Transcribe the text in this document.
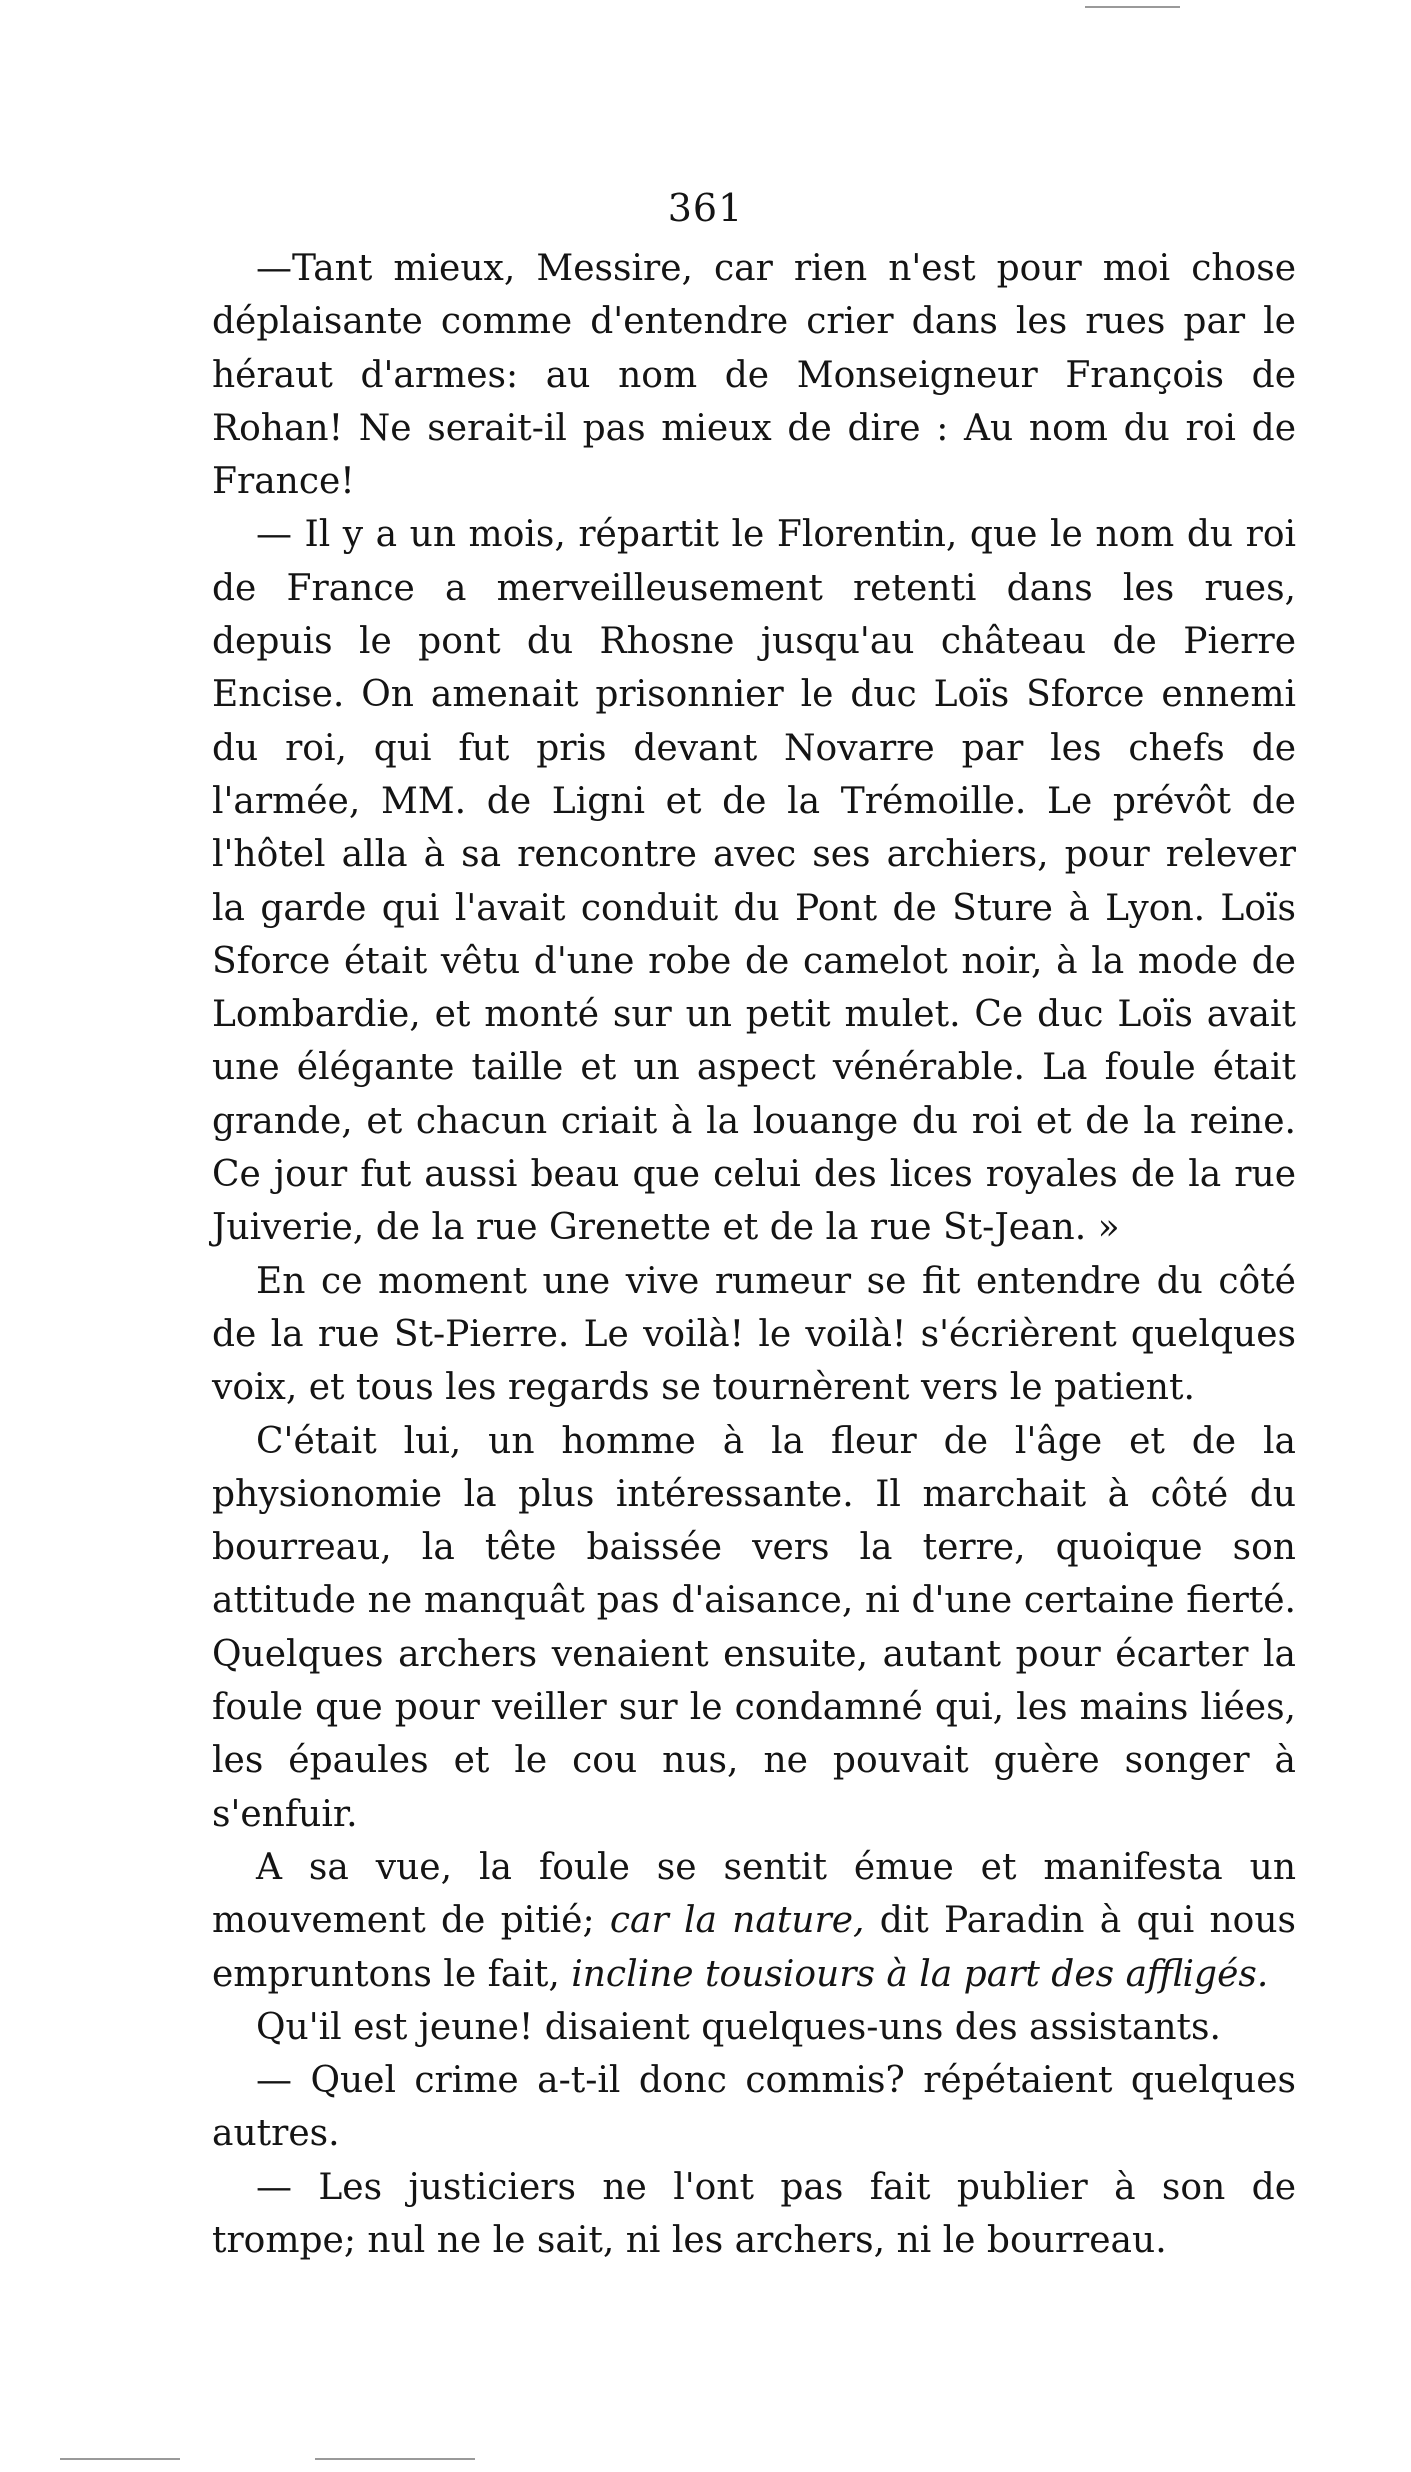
361

—Tant mieux, Messire, car rien n'est pour moi chose déplaisante comme d'entendre crier dans les rues par le héraut d'armes: au nom de Monseigneur François de Rohan! Ne serait-il pas mieux de dire : Au nom du roi de France!

— Il y a un mois, répartit le Florentin, que le nom du roi de France a merveilleusement retenti dans les rues, depuis le pont du Rhosne jusqu'au château de Pierre Encise. On amenait prisonnier le duc Loïs Sforce ennemi du roi, qui fut pris devant Novarre par les chefs de l'armée, MM. de Ligni et de la Trémoille. Le prévôt de l'hôtel alla à sa rencontre avec ses archiers, pour relever la garde qui l'avait conduit du Pont de Sture à Lyon. Loïs Sforce était vêtu d'une robe de camelot noir, à la mode de Lombardie, et monté sur un petit mulet. Ce duc Loïs avait une élégante taille et un aspect vénérable. La foule était grande, et chacun criait à la louange du roi et de la reine. Ce jour fut aussi beau que celui des lices royales de la rue Juiverie, de la rue Grenette et de la rue St-Jean. »

En ce moment une vive rumeur se fit entendre du côté de la rue St-Pierre. Le voilà! le voilà! s'écrièrent quelques voix, et tous les regards se tournèrent vers le patient.

C'était lui, un homme à la fleur de l'âge et de la physionomie la plus intéressante. Il marchait à côté du bourreau, la tête baissée vers la terre, quoique son attitude ne manquât pas d'aisance, ni d'une certaine fierté. Quelques archers venaient ensuite, autant pour écarter la foule que pour veiller sur le condamné qui, les mains liées, les épaules et le cou nus, ne pouvait guère songer à s'enfuir.

A sa vue, la foule se sentit émue et manifesta un mouvement de pitié; car la nature, dit Paradin à qui nous empruntons le fait, incline tousiours à la part des affligés.

Qu'il est jeune! disaient quelques-uns des assistants.

— Quel crime a-t-il donc commis? répétaient quelques autres.

— Les justiciers ne l'ont pas fait publier à son de trompe; nul ne le sait, ni les archers, ni le bourreau.
